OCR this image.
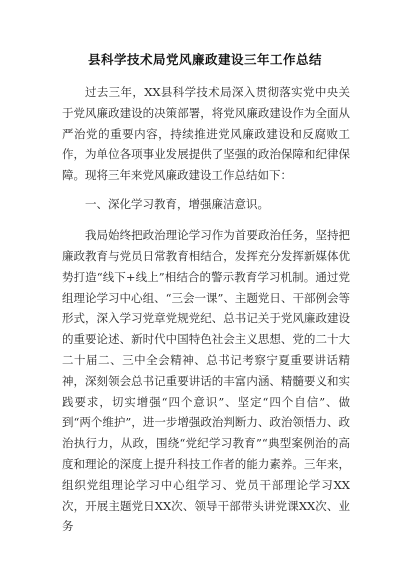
县科学技术局党风廉政建设三年工作总结

过去三年，XX县科学技术局深入贯彻落实党中央关于党风廉政建设的决策部署，将党风廉政建设作为全面从严治党的重要内容，持续推进党风廉政建设和反腐败工作，为单位各项事业发展提供了坚强的政治保障和纪律保障。现将三年来党风廉政建设工作总结如下：

一、深化学习教育，增强廉洁意识。

我局始终把政治理论学习作为首要政治任务，坚持把廉政教育与党员日常教育相结合，发挥充分发挥新媒体优势打造“线下+线上”相结合的警示教育学习机制。通过党组理论学习中心组、“三会一课”、主题党日、干部例会等形式，深入学习党章党规党纪、总书记关于党风廉政建设的重要论述、新时代中国特色社会主义思想、党的二十大二十届二、三中全会精神、总书记考察宁夏重要讲话精神，深刻领会总书记重要讲话的丰富内涵、精髓要义和实践要求，切实增强“四个意识”、坚定“四个自信”、做到“两个维护”，进一步增强政治判断力、政治领悟力、政治执行力，从政，围绕“党纪学习教育”“典型案例治的高度和理论的深度上提升科技工作者的能力素养。三年来，组织党组理论学习中心组学习、党员干部理论学习XX次，开展主题党日XX次、领导干部带头讲党课XX次、业务
